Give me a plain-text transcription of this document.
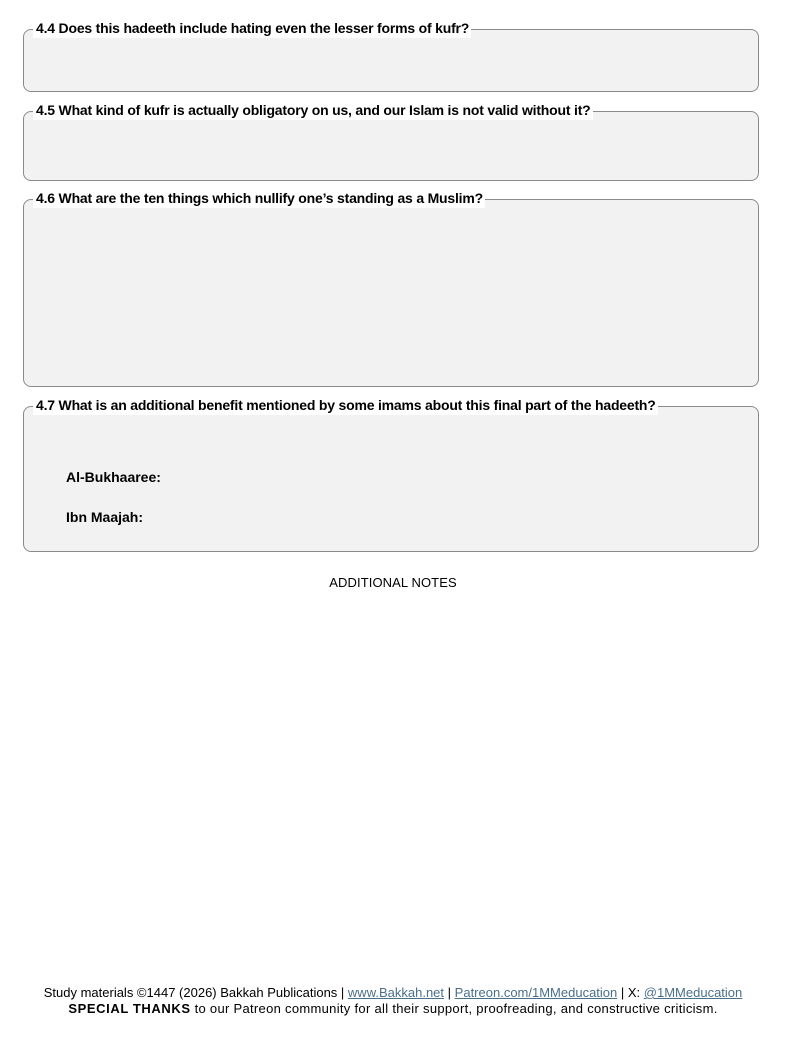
4.4 Does this hadeeth include hating even the lesser forms of kufr?
4.5 What kind of kufr is actually obligatory on us, and our Islam is not valid without it?
4.6 What are the ten things which nullify one’s standing as a Muslim?
4.7 What is an additional benefit mentioned by some imams about this final part of the hadeeth?
Al-Bukhaaree:
Ibn Maajah:
ADDITIONAL NOTES
Study materials ©1447 (2026) Bakkah Publications | www.Bakkah.net | Patreon.com/1MMeducation | X: @1MMeducation
SPECIAL THANKS to our Patreon community for all their support, proofreading, and constructive criticism.
